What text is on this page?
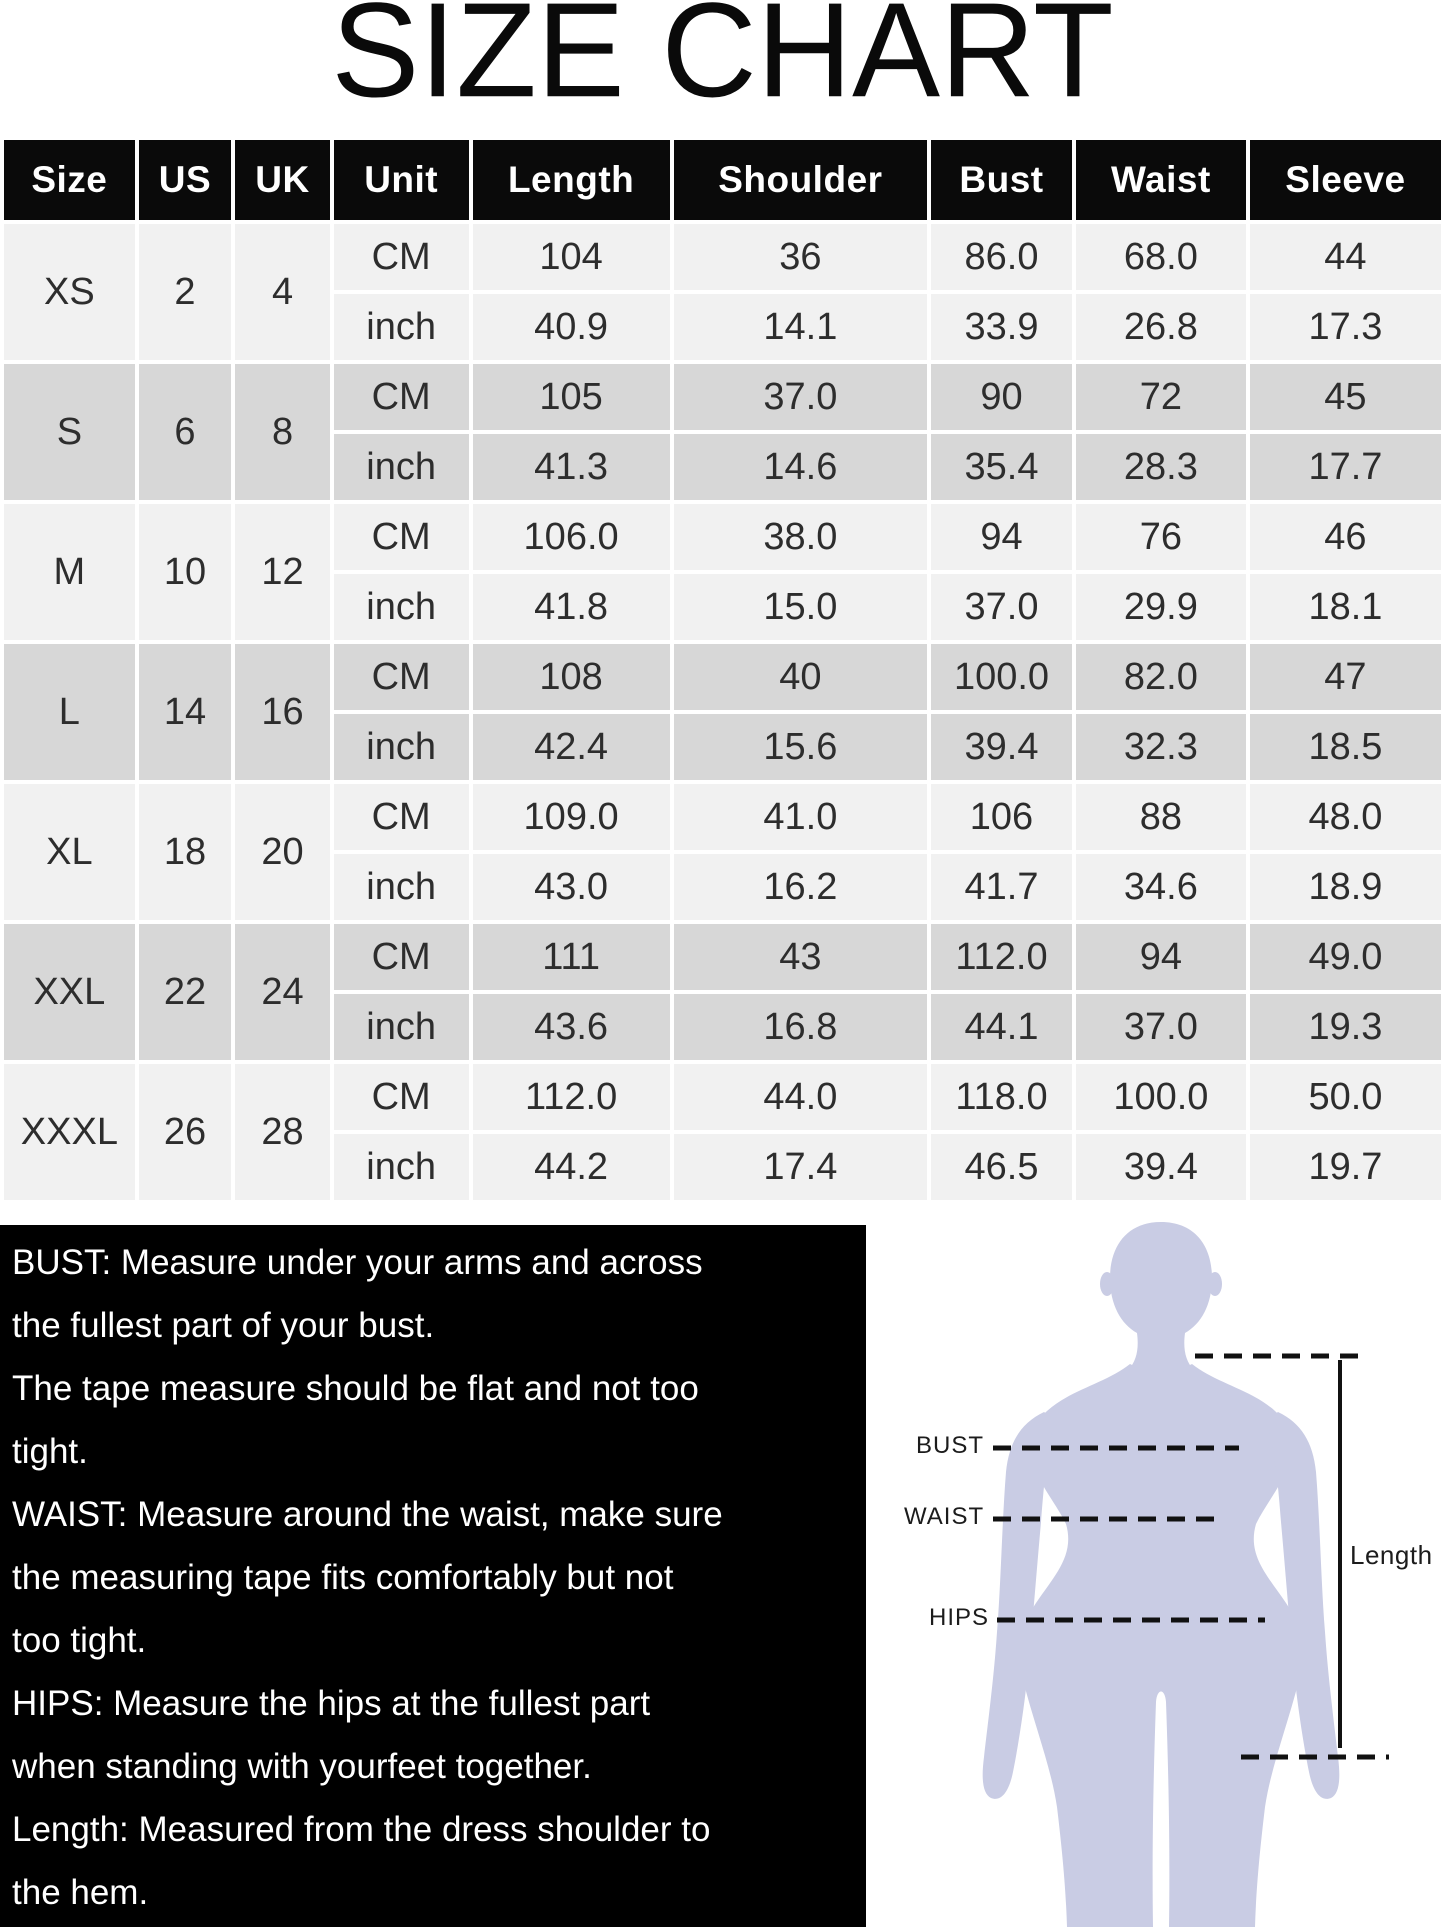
SIZE CHART
Size	US	UK	Unit	Length	Shoulder	Bust	Waist	Sleeve
XS	2	4	CM	104	36	86.0	68.0	44
			inch	40.9	14.1	33.9	26.8	17.3
S	6	8	CM	105	37.0	90	72	45
			inch	41.3	14.6	35.4	28.3	17.7
M	10	12	CM	106.0	38.0	94	76	46
			inch	41.8	15.0	37.0	29.9	18.1
L	14	16	CM	108	40	100.0	82.0	47
			inch	42.4	15.6	39.4	32.3	18.5
XL	18	20	CM	109.0	41.0	106	88	48.0
			inch	43.0	16.2	41.7	34.6	18.9
XXL	22	24	CM	111	43	112.0	94	49.0
			inch	43.6	16.8	44.1	37.0	19.3
XXXL	26	28	CM	112.0	44.0	118.0	100.0	50.0
			inch	44.2	17.4	46.5	39.4	19.7
BUST: Measure under your arms and across
the fullest part of your bust.
The tape measure should be flat and not too
tight.
WAIST: Measure around the waist, make sure
the measuring tape fits comfortably but not
too tight.
HIPS: Measure the hips at the fullest part
when standing with yourfeet together.
Length: Measured from the dress shoulder to
the hem.
BUST
WAIST
HIPS
Length
